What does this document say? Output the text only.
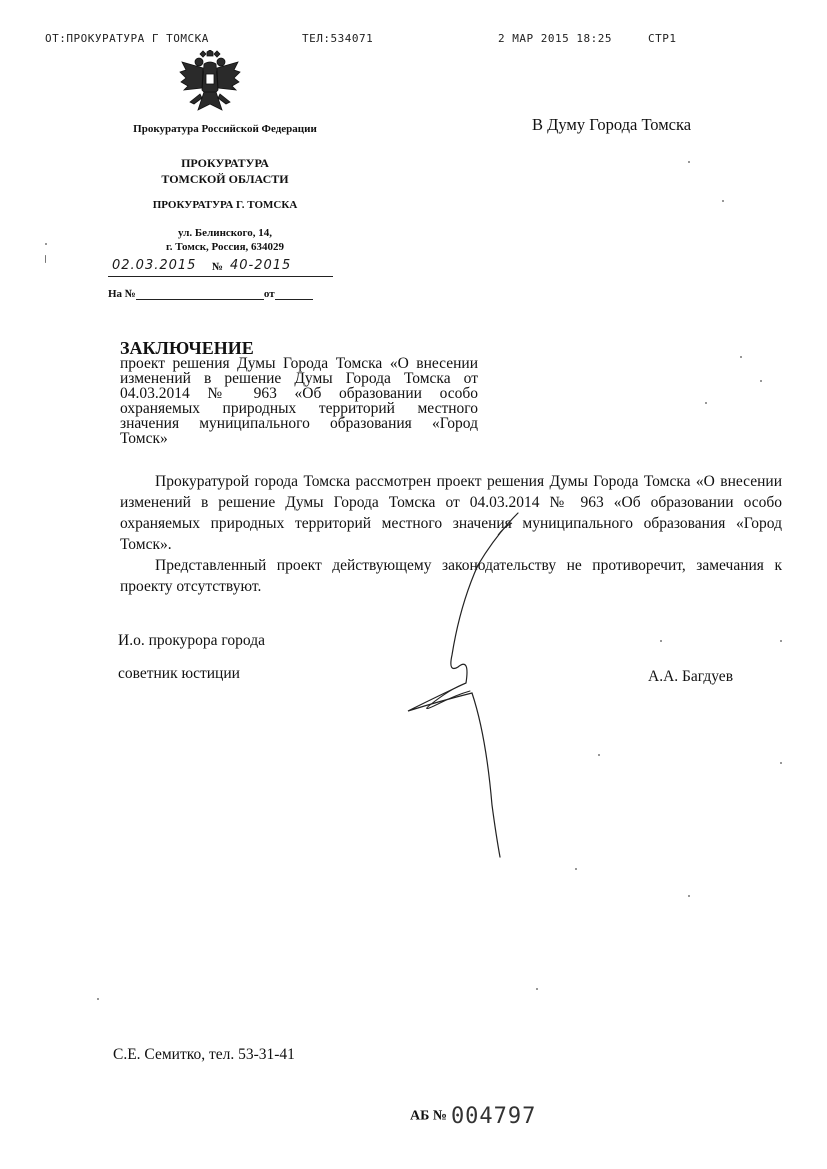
ОТ:ПРОКУРАТУРА Г ТОМСКА	ТЕЛ:534071	2 МАР 2015 18:25	СТР1
Прокуратура Российской Федерации
ПРОКУРАТУРА
ТОМСКОЙ ОБЛАСТИ
ПРОКУРАТУРА Г. ТОМСКА
ул. Белинского, 14,
г. Томск, Россия, 634029
02.03.2015 № 40-2015
На №	от
В Думу Города Томска
ЗАКЛЮЧЕНИЕ
проект решения Думы Города Томска «О внесении изменений в решение Думы Города Томска от 04.03.2014 № 963 «Об образовании особо охраняемых природных территорий местного значения муниципального образования «Город Томск»

Прокуратурой города Томска рассмотрен проект решения Думы Города Томска «О внесении изменений в решение Думы Города Томска от 04.03.2014 № 963 «Об образовании особо охраняемых природных территорий местного значения муниципального образования «Город Томск».

Представленный проект действующему законодательству не противоречит, замечания к проекту отсутствуют.

И.о. прокурора города
советник юстиции	А.А. Багдуев
С.Е. Семитко, тел. 53-31-41
АБ № 004797
